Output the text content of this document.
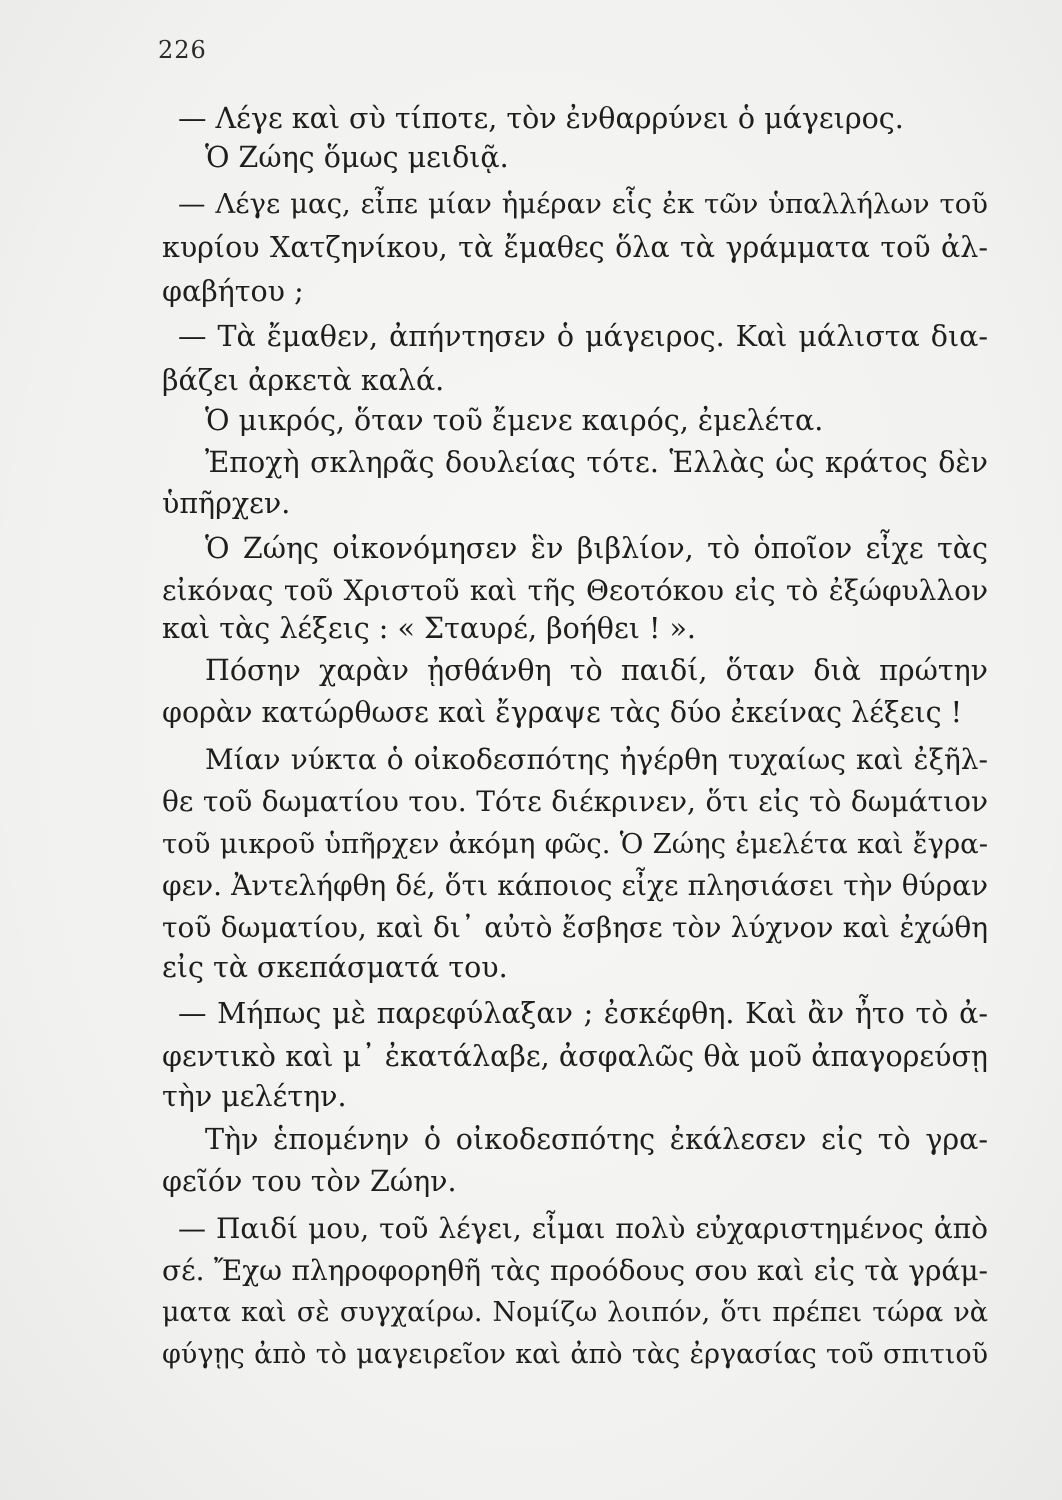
226
— Λέγε καὶ σὺ τίποτε, τὸν ἐνθαρρύνει ὁ μάγειρος.
Ὁ Ζώης ὅμως μειδιᾷ.
— Λέγε μας, εἶπε μίαν ἡμέραν εἷς ἐκ τῶν ὑπαλλήλων τοῦ
κυρίου Χατζηνίκου, τὰ ἔμαθες ὅλα τὰ γράμματα τοῦ ἀλ-
φαβήτου ;
— Τὰ ἔμαθεν, ἀπήντησεν ὁ μάγειρος. Καὶ μάλιστα δια-
βάζει ἀρκετὰ καλά.
Ὁ μικρός, ὅταν τοῦ ἔμενε καιρός, ἐμελέτα.
Ἐποχὴ σκληρᾶς δουλείας τότε. Ἑλλὰς ὡς κράτος δὲν
ὑπῆρχεν.
Ὁ Ζώης οἰκονόμησεν ἓν βιβλίον, τὸ ὁποῖον εἶχε τὰς
εἰκόνας τοῦ Χριστοῦ καὶ τῆς Θεοτόκου εἰς τὸ ἐξώφυλλον
καὶ τὰς λέξεις : « Σταυρέ, βοήθει ! ».
Πόσην χαρὰν ᾐσθάνθη τὸ παιδί, ὅταν διὰ πρώτην
φορὰν κατώρθωσε καὶ ἔγραψε τὰς δύο ἐκείνας λέξεις !
Μίαν νύκτα ὁ οἰκοδεσπότης ἠγέρθη τυχαίως καὶ ἐξῆλ-
θε τοῦ δωματίου του. Τότε διέκρινεν, ὅτι εἰς τὸ δωμάτιον
τοῦ μικροῦ ὑπῆρχεν ἀκόμη φῶς. Ὁ Ζώης ἐμελέτα καὶ ἔγρα-
φεν. Ἀντελήφθη δέ, ὅτι κάποιος εἶχε πλησιάσει τὴν θύραν
τοῦ δωματίου, καὶ δι᾽ αὐτὸ ἔσβησε τὸν λύχνον καὶ ἐχώθη
εἰς τὰ σκεπάσματά του.
— Μήπως μὲ παρεφύλαξαν ; ἐσκέφθη. Καὶ ἂν ἦτο τὸ ἀ-
φεντικὸ καὶ μ᾽ ἐκατάλαβε, ἀσφαλῶς θὰ μοῦ ἀπαγορεύσῃ
τὴν μελέτην.
Τὴν ἑπομένην ὁ οἰκοδεσπότης ἐκάλεσεν εἰς τὸ γρα-
φεῖόν του τὸν Ζώην.
— Παιδί μου, τοῦ λέγει, εἶμαι πολὺ εὐχαριστημένος ἀπὸ
σέ. Ἔχω πληροφορηθῆ τὰς προόδους σου καὶ εἰς τὰ γράμ-
ματα καὶ σὲ συγχαίρω. Νομίζω λοιπόν, ὅτι πρέπει τώρα νὰ
φύγῃς ἀπὸ τὸ μαγειρεῖον καὶ ἀπὸ τὰς ἐργασίας τοῦ σπιτιοῦ
